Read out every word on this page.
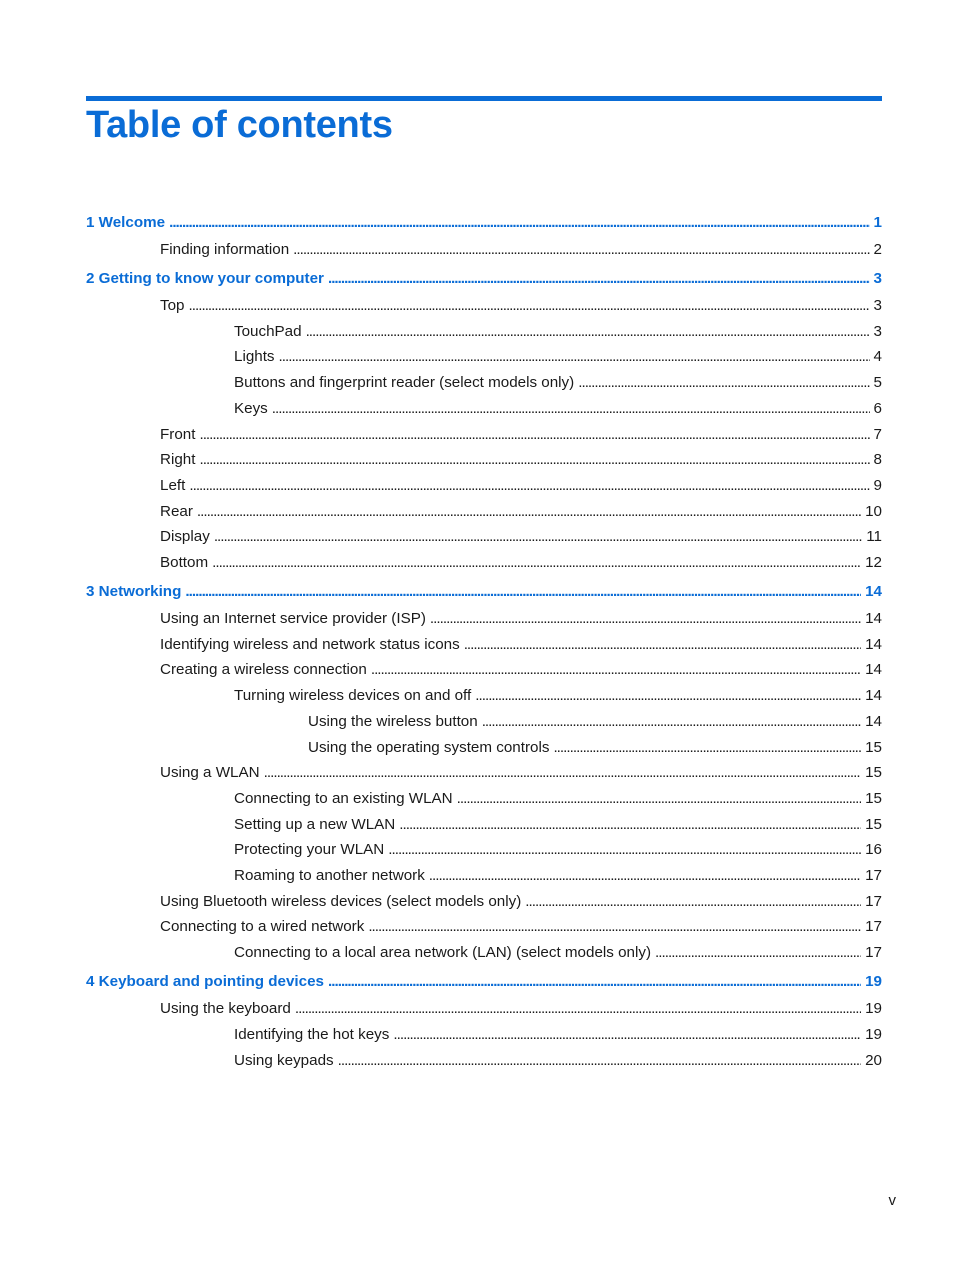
Table of contents
1 Welcome . . .	1
Finding information . . .	2
2 Getting to know your computer . . .	3
Top . . .	3
TouchPad . . .	3
Lights . . .	4
Buttons and fingerprint reader (select models only) . . .	5
Keys . . .	6
Front . . .	7
Right . . .	8
Left . . .	9
Rear . . .	10
Display . . .	11
Bottom . . .	12
3 Networking . . .	14
Using an Internet service provider (ISP) . . .	14
Identifying wireless and network status icons . . .	14
Creating a wireless connection . . .	14
Turning wireless devices on and off . . .	14
Using the wireless button . . .	14
Using the operating system controls . . .	15
Using a WLAN . . .	15
Connecting to an existing WLAN . . .	15
Setting up a new WLAN . . .	15
Protecting your WLAN . . .	16
Roaming to another network . . .	17
Using Bluetooth wireless devices (select models only) . . .	17
Connecting to a wired network . . .	17
Connecting to a local area network (LAN) (select models only) . . .	17
4 Keyboard and pointing devices . . .	19
Using the keyboard . . .	19
Identifying the hot keys . . .	19
Using keypads . . .	20
v
